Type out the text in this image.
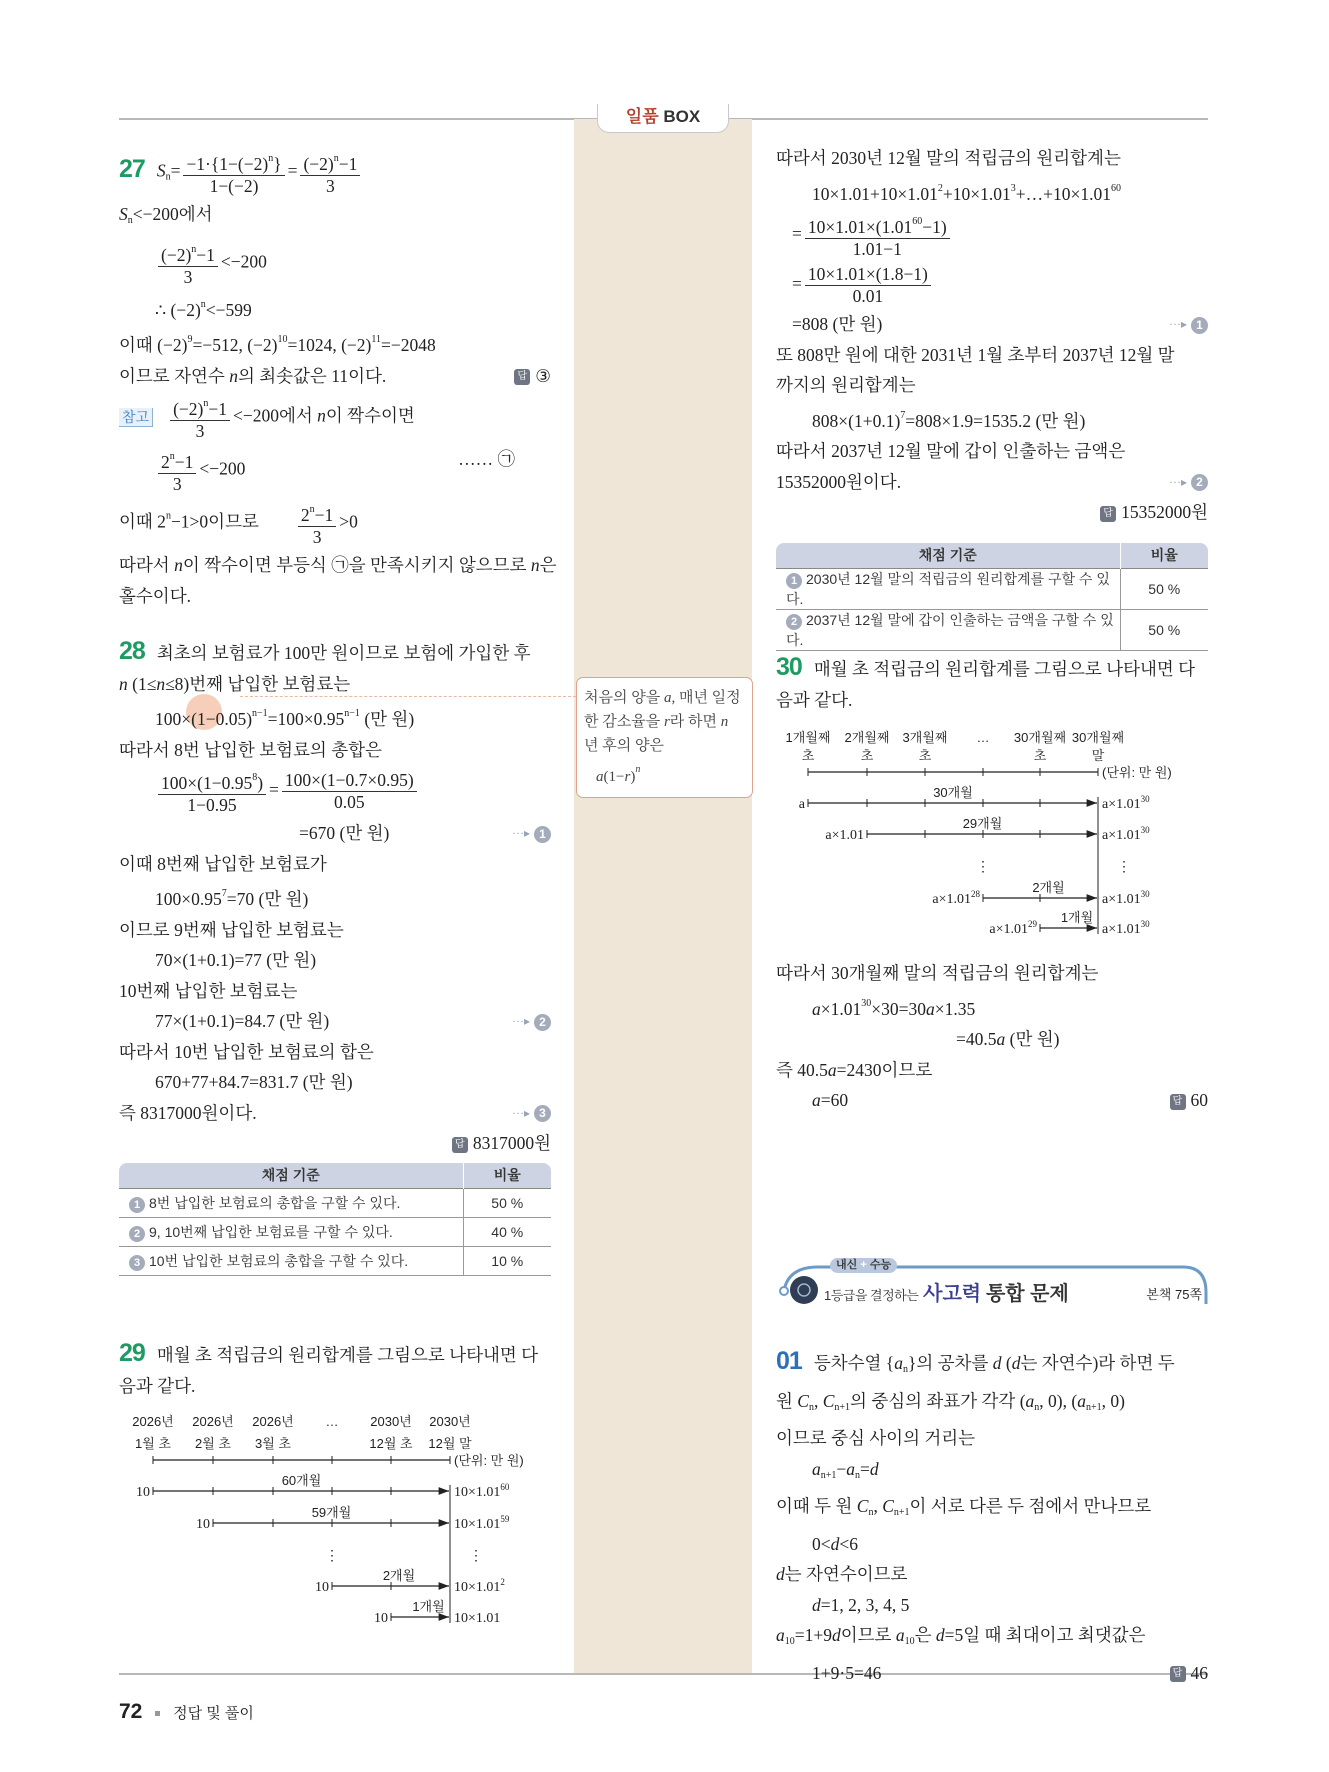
일품 BOX
27 $S_n= \frac{-1\cdot\{1-(-2)^n\}}{1-(-2)} = \frac{(-2)^n-1}{3}$
$S_n<-200$에서
$\frac{(-2)^n-1}{3} <-200$
∴ $(-2)^n<-599$
이때 $(-2)^9=-512$, $(-2)^{10}=1024$, $(-2)^{11}=-2048$
이므로 자연수 n의 최솟값은 11이다.	답 ③
참고 $\frac{(-2)^n-1}{3} <-200$에서 n이 짝수이면
$\frac{2^n-1}{3} <-200$	…… ㉠
이때 $2^n-1>0$이므로 $\frac{2^n-1}{3} >0$
따라서 n이 짝수이면 부등식 ㉠을 만족시키지 않으므로 n은
홀수이다.
28 최초의 보험료가 100만 원이므로 보험에 가입한 후
n (1≤n≤8)번째 납입한 보험료는
$100\times(1-0.05)^{n-1}=100\times 0.95^{n-1}$ (만 원)
따라서 8번 납입한 보험료의 총합은
$\frac{100\times(1-0.95^8)}{1-0.95} = \frac{100\times(1-0.7\times 0.95)}{0.05}$
=670 (만 원)	···▸ 1
이때 8번째 납입한 보험료가
$100\times 0.95^7=70$ (만 원)
이므로 9번째 납입한 보험료는
70×(1+0.1)=77 (만 원)
10번째 납입한 보험료는
77×(1+0.1)=84.7 (만 원)	···▸ 2
따라서 10번 납입한 보험료의 합은
670+77+84.7=831.7 (만 원)
즉 8317000원이다.	···▸ 3
답 8317000원
채점 기준	비율
1 8번 납입한 보험료의 총합을 구할 수 있다.	50 %
2 9, 10번째 납입한 보험료를 구할 수 있다.	40 %
3 10번 납입한 보험료의 총합을 구할 수 있다.	10 %
처음의 양을 a, 매년 일정
한 감소율을 r라 하면 n
년 후의 양은
$a(1-r)^n$
29 매월 초 적립금의 원리합계를 그림으로 나타내면 다
음과 같다.
2026년
1월 초
2026년
2월 초
2026년
3월 초
… 2030년
12월 초
2030년
12월 말
(단위: 만 원)
10
60개월
$10\times 1.01^{60}$
10
59개월
$10\times 1.01^{59}$
10
2개월
$10\times 1.01^2$
10
1개월
10×1.01
⋮	⋮
따라서 2030년 12월 말의 적립금의 원리합계는
$10\times 1.01+10\times 1.01^2+10\times 1.01^3+\dots+10\times 1.01^{60}$
= $\frac{10\times 1.01\times(1.01^{60}-1)}{1.01-1}$
= $\frac{10\times 1.01\times(1.8-1)}{0.01}$
=808 (만 원)	···▸ 1
또 808만 원에 대한 2031년 1월 초부터 2037년 12월 말
까지의 원리합계는
$808\times(1+0.1)^7=808\times 1.9=1535.2$ (만 원)
따라서 2037년 12월 말에 갑이 인출하는 금액은
15352000원이다.	···▸ 2
답 15352000원
채점 기준	비율
1 2030년 12월 말의 적립금의 원리합계를 구할 수 있다.	50 %
2 2037년 12월 말에 갑이 인출하는 금액을 구할 수 있다.	50 %
30 매월 초 적립금의 원리합계를 그림으로 나타내면 다
음과 같다.
1개월째
초
2개월째
초
3개월째
초
… 30개월째
초
30개월째
말
(단위: 만 원)
a
30개월
$a\times 1.01^{30}$
a×1.01
29개월
$a\times 1.01^{30}$
$a\times 1.01^{28}$	2개월
$a\times 1.01^{30}$
$a\times 1.01^{29}$ 1개월
$a\times 1.01^{30}$
⋮	⋮
따라서 30개월째 말의 적립금의 원리합계는
$a\times 1.01^{30}\times 30=30a\times 1.35$
=40.5a (만 원)
즉 40.5a=2430이므로
a=60	답 60
내신 + 수능
1등급을 결정하는 사고력 통합 문제	본책 75쪽
01 등차수열 $\{a_n\}$의 공차를 d (d는 자연수)라 하면 두
원 $C_n$, $C_{n+1}$의 중심의 좌표가 각각 ($a_n$, 0), ($a_{n+1}$, 0)
이므로 중심 사이의 거리는
$a_{n+1}-a_n=d$
이때 두 원 $C_n$, $C_{n+1}$이 서로 다른 두 점에서 만나므로
0<d<6
d는 자연수이므로
d=1, 2, 3, 4, 5
$a_{10}=1+9d$이므로 $a_{10}$은 d=5일 때 최대이고 최댓값은
1+9·5=46	답 46
72 정답 및 풀이
